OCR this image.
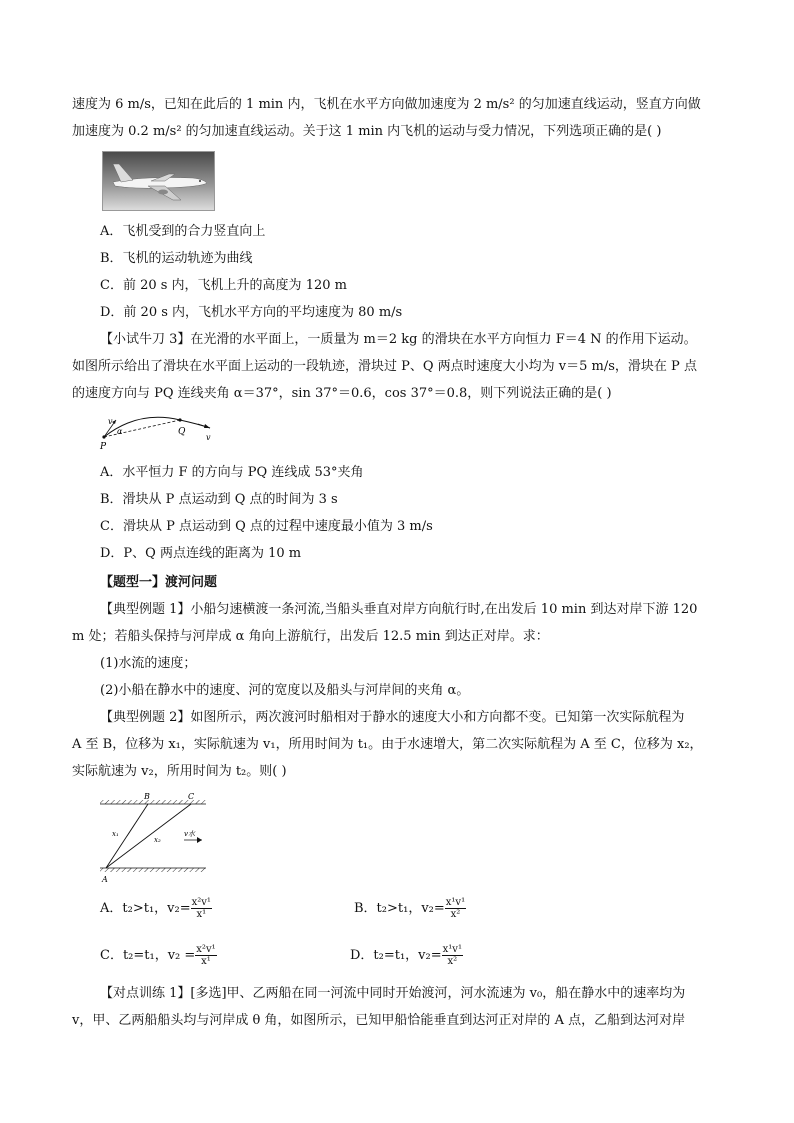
速度为 6 m/s，已知在此后的 1 min 内，飞机在水平方向做加速度为 2 m/s² 的匀加速直线运动，竖直方向做
加速度为 0.2 m/s² 的匀加速直线运动。关于这 1 min 内飞机的运动与受力情况，下列选项正确的是( )
A．飞机受到的合力竖直向上
B．飞机的运动轨迹为曲线
C．前 20 s 内，飞机上升的高度为 120 m
D．前 20 s 内，飞机水平方向的平均速度为 80 m/s
【小试牛刀 3】在光滑的水平面上，一质量为 m＝2 kg 的滑块在水平方向恒力 F＝4 N 的作用下运动。
如图所示给出了滑块在水平面上运动的一段轨迹，滑块过 P、Q 两点时速度大小均为 v＝5 m/s，滑块在 P 点
的速度方向与 PQ 连线夹角 α＝37°，sin 37°＝0.6，cos 37°＝0.8，则下列说法正确的是( )
v
α
P
Q
v
A．水平恒力 F 的方向与 PQ 连线成 53°夹角
B．滑块从 P 点运动到 Q 点的时间为 3 s
C．滑块从 P 点运动到 Q 点的过程中速度最小值为 3 m/s
D．P、Q 两点连线的距离为 10 m
【题型一】渡河问题
【典型例题 1】小船匀速横渡一条河流,当船头垂直对岸方向航行时,在出发后 10 min 到达对岸下游 120
m 处；若船头保持与河岸成 α 角向上游航行，出发后 12.5 min 到达正对岸。求：
(1)水流的速度；
(2)小船在静水中的速度、河的宽度以及船头与河岸间的夹角 α。
【典型例题 2】如图所示，两次渡河时船相对于静水的速度大小和方向都不变。已知第一次实际航程为
A 至 B，位移为 x₁，实际航速为 v₁，所用时间为 t₁。由于水速增大，第二次实际航程为 A 至 C，位移为 x₂，
实际航速为 v₂，所用时间为 t₂。则( )
B	C
A
x₁
x₂
v水
A．t₂>t₁，$v_2= \frac{\text{x²v¹}}{\text{x¹}}$	B．t₂>t₁，$v_2= \frac{\text{x¹v¹}}{\text{x²}}$
C．t₂=t₁，$v_2 = \frac{\text{x²v¹}}{\text{x¹}}$	D．t₂=t₁，$v_2= \frac{\text{x¹v¹}}{\text{x²}}$
【对点训练 1】[多选]甲、乙两船在同一河流中同时开始渡河，河水流速为 v₀，船在静水中的速率均为
v，甲、乙两船船头均与河岸成 θ 角，如图所示，已知甲船恰能垂直到达河正对岸的 A 点，乙船到达河对岸
